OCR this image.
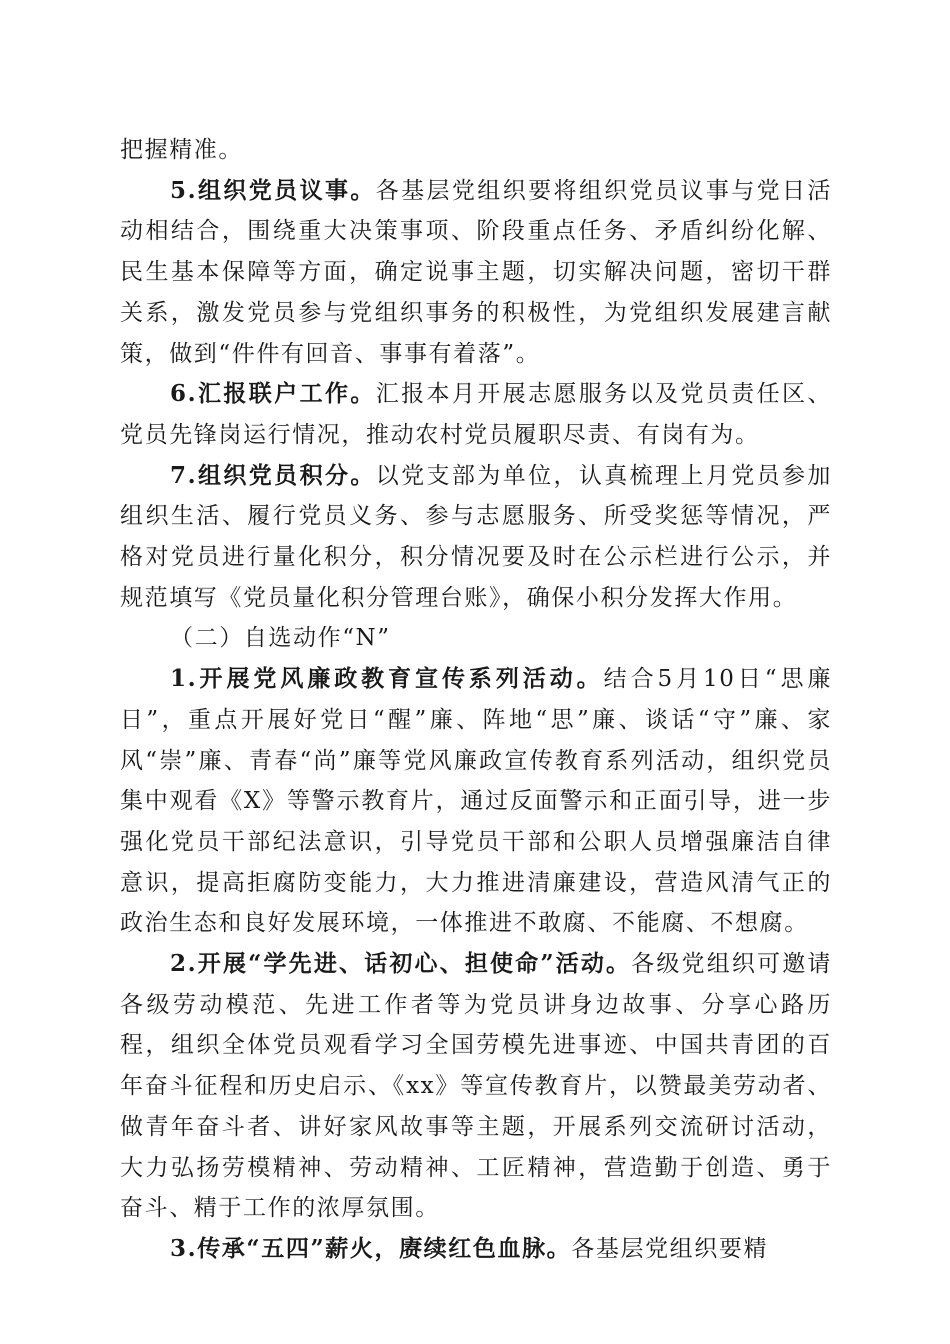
把握精准。

5.组织党员议事。各基层党组织要将组织党员议事与党日活动相结合，围绕重大决策事项、阶段重点任务、矛盾纠纷化解、民生基本保障等方面，确定说事主题，切实解决问题，密切干群关系，激发党员参与党组织事务的积极性，为党组织发展建言献策，做到“件件有回音、事事有着落”。

6.汇报联户工作。汇报本月开展志愿服务以及党员责任区、党员先锋岗运行情况，推动农村党员履职尽责、有岗有为。

7.组织党员积分。以党支部为单位，认真梳理上月党员参加组织生活、履行党员义务、参与志愿服务、所受奖惩等情况，严格对党员进行量化积分，积分情况要及时在公示栏进行公示，并规范填写《党员量化积分管理台账》，确保小积分发挥大作用。

（二）自选动作“N”

1.开展党风廉政教育宣传系列活动。结合5月10日“思廉日”，重点开展好党日“醒”廉、阵地“思”廉、谈话“守”廉、家风“崇”廉、青春“尚”廉等党风廉政宣传教育系列活动，组织党员集中观看《X》等警示教育片，通过反面警示和正面引导，进一步强化党员干部纪法意识，引导党员干部和公职人员增强廉洁自律意识，提高拒腐防变能力，大力推进清廉建设，营造风清气正的政治生态和良好发展环境，一体推进不敢腐、不能腐、不想腐。

2.开展“学先进、话初心、担使命”活动。各级党组织可邀请各级劳动模范、先进工作者等为党员讲身边故事、分享心路历程，组织全体党员观看学习全国劳模先进事迹、中国共青团的百年奋斗征程和历史启示、《xx》等宣传教育片，以赞最美劳动者、做青年奋斗者、讲好家风故事等主题，开展系列交流研讨活动，大力弘扬劳模精神、劳动精神、工匠精神，营造勤于创造、勇于奋斗、精于工作的浓厚氛围。

3.传承“五四”薪火，赓续红色血脉。各基层党组织要精
